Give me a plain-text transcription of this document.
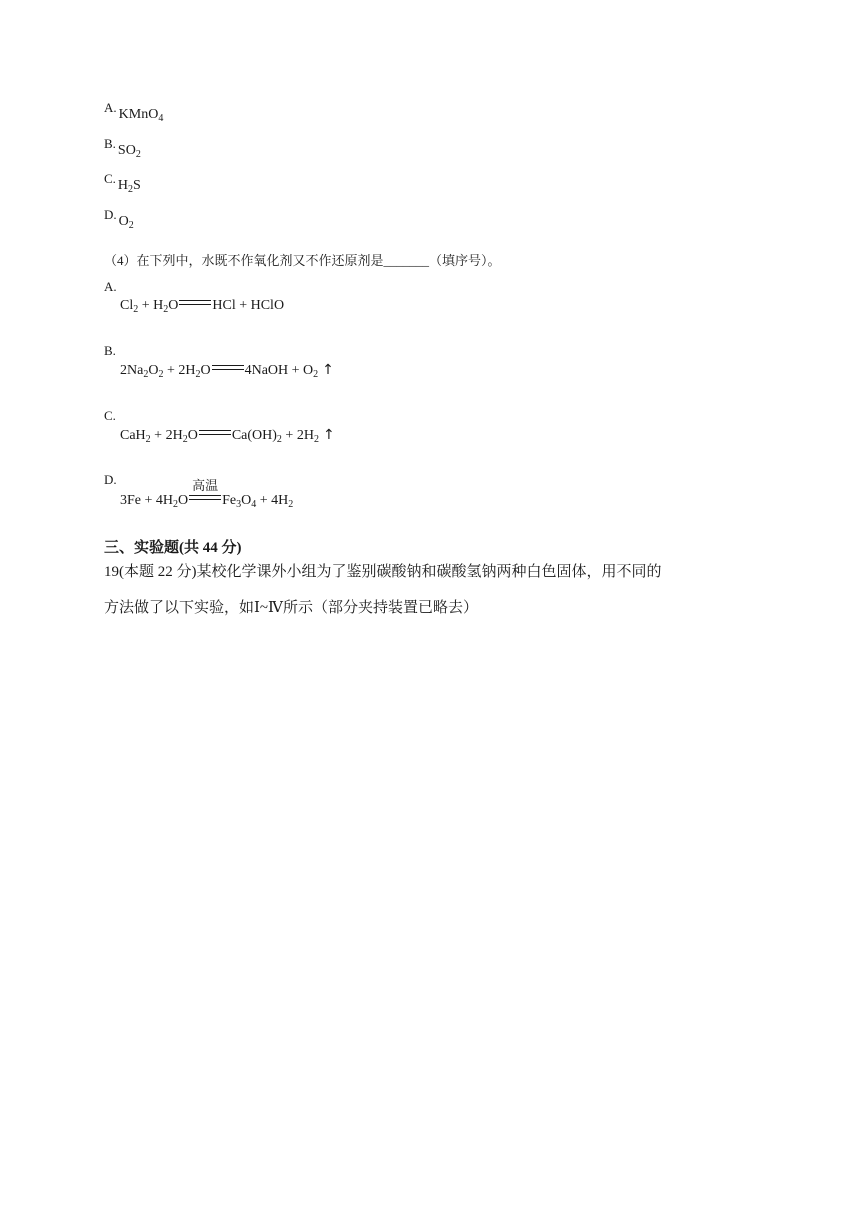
A. KMnO$_4$
B. $SO_2$
C. $H_2S$
D. $O_2$
（4）在下列中，水既不作氧化剂又不作还原剂是_______（填序号）。
A.
$Cl_2 + H_2O$ HCl + HClO
B.
$2Na_2O_2 + 2H_2O$ 4NaOH + $O_2$ ↑
C.
$CaH_2 + 2H_2O$ $Ca(OH)_2 + 2H_2$ ↑
D.
$3Fe + 4H_2O$
高温
$Fe_3O_4 + 4H_2$
三、实验题(共 44 分)
19(本题 22 分)某校化学课外小组为了鉴别碳酸钠和碳酸氢钠两种白色固体，用不同的
方法做了以下实验，如Ⅰ~Ⅳ所示（部分夹持装置已略去）
